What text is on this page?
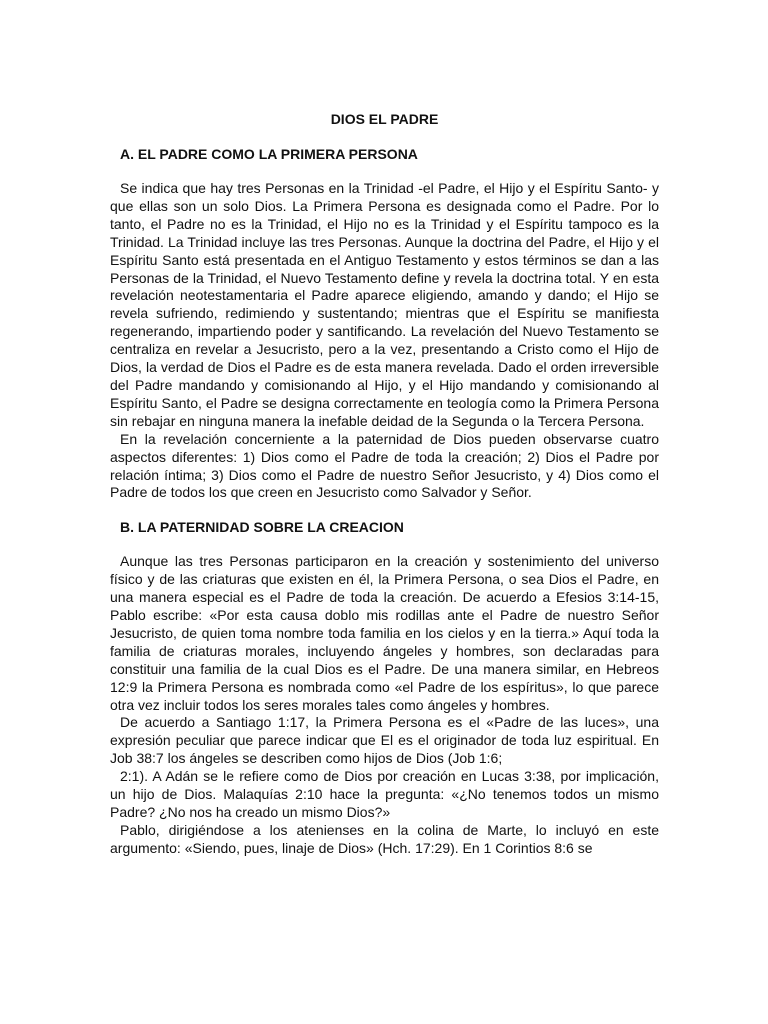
DIOS EL PADRE
A. EL PADRE COMO LA PRIMERA PERSONA

Se indica que hay tres Personas en la Trinidad -el Padre, el Hijo y el Espíritu Santo- y que ellas son un solo Dios. La Primera Persona es designada como el Padre. Por lo tanto, el Padre no es la Trinidad, el Hijo no es la Trinidad y el Espíritu tampoco es la Trinidad. La Trinidad incluye las tres Personas. Aunque la doctrina del Padre, el Hijo y el Espíritu Santo está presentada en el Antiguo Testamento y estos términos se dan a las Personas de la Trinidad, el Nuevo Testamento define y revela la doctrina total. Y en esta revelación neotestamentaria el Padre aparece eligiendo, amando y dando; el Hijo se revela sufriendo, redimiendo y sustentando; mientras que el Espíritu se manifiesta regenerando, impartiendo poder y santificando. La revelación del Nuevo Testamento se centraliza en revelar a Jesucristo, pero a la vez, presentando a Cristo como el Hijo de Dios, la verdad de Dios el Padre es de esta manera revelada. Dado el orden irreversible del Padre mandando y comisionando al Hijo, y el Hijo mandando y comisionando al Espíritu Santo, el Padre se designa correctamente en teología como la Primera Persona sin rebajar en ninguna manera la inefable deidad de la Segunda o la Tercera Persona.

En la revelación concerniente a la paternidad de Dios pueden observarse cuatro aspectos diferentes: 1) Dios como el Padre de toda la creación; 2) Dios el Padre por relación íntima; 3) Dios como el Padre de nuestro Señor Jesucristo, y 4) Dios como el Padre de todos los que creen en Jesucristo como Salvador y Señor.

B. LA PATERNIDAD SOBRE LA CREACION

Aunque las tres Personas participaron en la creación y sostenimiento del universo físico y de las criaturas que existen en él, la Primera Persona, o sea Dios el Padre, en una manera especial es el Padre de toda la creación. De acuerdo a Efesios 3:14-15, Pablo escribe: «Por esta causa doblo mis rodillas ante el Padre de nuestro Señor Jesucristo, de quien toma nombre toda familia en los cielos y en la tierra.» Aquí toda la familia de criaturas morales, incluyendo ángeles y hombres, son declaradas para constituir una familia de la cual Dios es el Padre. De una manera similar, en Hebreos 12:9 la Primera Persona es nombrada como «el Padre de los espíritus», lo que parece otra vez incluir todos los seres morales tales como ángeles y hombres.

De acuerdo a Santiago 1:17, la Primera Persona es el «Padre de las luces», una expresión peculiar que parece indicar que El es el originador de toda luz espiritual. En Job 38:7 los ángeles se describen como hijos de Dios (Job 1:6;

2:1). A Adán se le refiere como de Dios por creación en Lucas 3:38, por implicación, un hijo de Dios. Malaquías 2:10 hace la pregunta: «¿No tenemos todos un mismo Padre? ¿No nos ha creado un mismo Dios?»

Pablo, dirigiéndose a los atenienses en la colina de Marte, lo incluyó en este argumento: «Siendo, pues, linaje de Dios» (Hch. 17:29). En 1 Corintios 8:6 se
